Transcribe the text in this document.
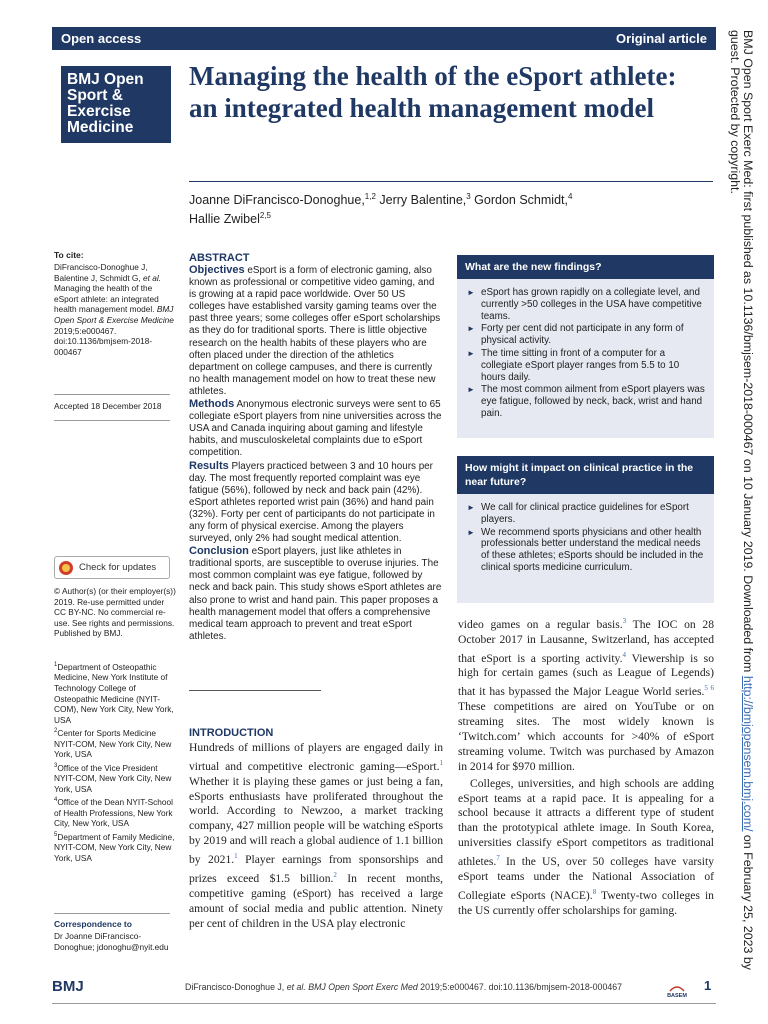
Open access	Original article
BMJ Open
Sport &
Exercise
Medicine
Managing the health of the eSport athlete: an integrated health management model
Joanne DiFrancisco-Donoghue,$^{1,2}$ Jerry Balentine,$^3$ Gordon Schmidt,$^4$
Hallie Zwibel$^{2,5}$
To cite:
DiFrancisco-Donoghue J, Balentine J, Schmidt G, et al. Managing the health of the eSport athlete: an integrated health management model. BMJ Open Sport & Exercise Medicine 2019;5:e000467. doi:10.1136/bmjsem-2018-000467
Accepted 18 December 2018
Check for updates
© Author(s) (or their employer(s)) 2019. Re-use permitted under CC BY-NC. No commercial re-use. See rights and permissions. Published by BMJ.
$^1$Department of Osteopathic Medicine, New York Institute of Technology College of Osteopathic Medicine (NYIT-COM), New York City, New York, USA
$^2$Center for Sports Medicine NYIT-COM, New York City, New York, USA
$^3$Office of the Vice President NYIT-COM, New York City, New York, USA
$^4$Office of the Dean NYIT-School of Health Professions, New York City, New York, USA
$^5$Department of Family Medicine, NYIT-COM, New York City, New York, USA
Correspondence to
Dr Joanne DiFrancisco-Donoghue; jdonoghu@nyit.edu
ABSTRACT
Objectives eSport is a form of electronic gaming, also known as professional or competitive video gaming, and is growing at a rapid pace worldwide. Over 50 US colleges have established varsity gaming teams over the past three years; some colleges offer eSport scholarships as they do for traditional sports. There is little objective research on the health habits of these players who are often placed under the direction of the athletics department on college campuses, and there is currently no health management model on how to treat these new athletes.
Methods Anonymous electronic surveys were sent to 65 collegiate eSport players from nine universities across the USA and Canada inquiring about gaming and lifestyle habits, and musculoskeletal complaints due to eSport competition.
Results Players practiced between 3 and 10 hours per day. The most frequently reported complaint was eye fatigue (56%), followed by neck and back pain (42%). eSport athletes reported wrist pain (36%) and hand pain (32%). Forty per cent of participants do not participate in any form of physical exercise. Among the players surveyed, only 2% had sought medical attention.
Conclusion eSport players, just like athletes in traditional sports, are susceptible to overuse injuries. The most common complaint was eye fatigue, followed by neck and back pain. This study shows eSport athletes are also prone to wrist and hand pain. This paper proposes a health management model that offers a comprehensive medical team approach to prevent and treat eSport athletes.
INTRODUCTION
Hundreds of millions of players are engaged daily in virtual and competitive electronic gaming—eSport.$^1$ Whether it is playing these games or just being a fan, eSports enthusiasts have proliferated throughout the world. According to Newzoo, a market tracking company, 427 million people will be watching eSports by 2019 and will reach a global audience of 1.1 billion by 2021.$^1$ Player earnings from sponsorships and prizes exceed $1.5 billion.$^2$ In recent months, competitive gaming (eSport) has received a large amount of social media and public attention. Ninety per cent of children in the USA play electronic
What are the new findings?
► eSport has grown rapidly on a collegiate level, and currently >50 colleges in the USA have competitive teams.
► Forty per cent did not participate in any form of physical activity.
► The time sitting in front of a computer for a collegiate eSport player ranges from 5.5 to 10 hours daily.
► The most common ailment from eSport players was eye fatigue, followed by neck, back, wrist and hand pain.
How might it impact on clinical practice in the near future?
► We call for clinical practice guidelines for eSport players.
► We recommend sports physicians and other health professionals better understand the medical needs of these athletes; eSports should be included in the clinical sports medicine curriculum.

video games on a regular basis.$^3$ The IOC on 28 October 2017 in Lausanne, Switzerland, has accepted that eSport is a sporting activity.$^4$ Viewership is so high for certain games (such as League of Legends) that it has bypassed the Major League World series.$^{5 6}$ These competitions are aired on YouTube or on streaming sites. The most widely known is ‘Twitch.com’ which accounts for >40% of eSport streaming volume. Twitch was purchased by Amazon in 2014 for $970 million.

Colleges, universities, and high schools are adding eSport teams at a rapid pace. It is appealing for a school because it attracts a different type of student than the prototypical athlete image. In South Korea, universities classify eSport competitors as traditional athletes.$^7$ In the US, over 50 colleges have varsity eSport teams under the National Association of Collegiate eSports (NACE).$^8$ Twenty-two colleges in the US currently offer scholarships for gaming.

BMJ Open Sport Exerc Med: first published as 10.1136/bmjsem-2018-000467 on 10 January 2019. Downloaded from http://bmjopensem.bmj.com/ on February 25, 2023 by guest. Protected by copyright.
BMJ	DiFrancisco-Donoghue J, et al. BMJ Open Sport Exerc Med 2019;5:e000467. doi:10.1136/bmjsem-2018-000467
BASEM
1
